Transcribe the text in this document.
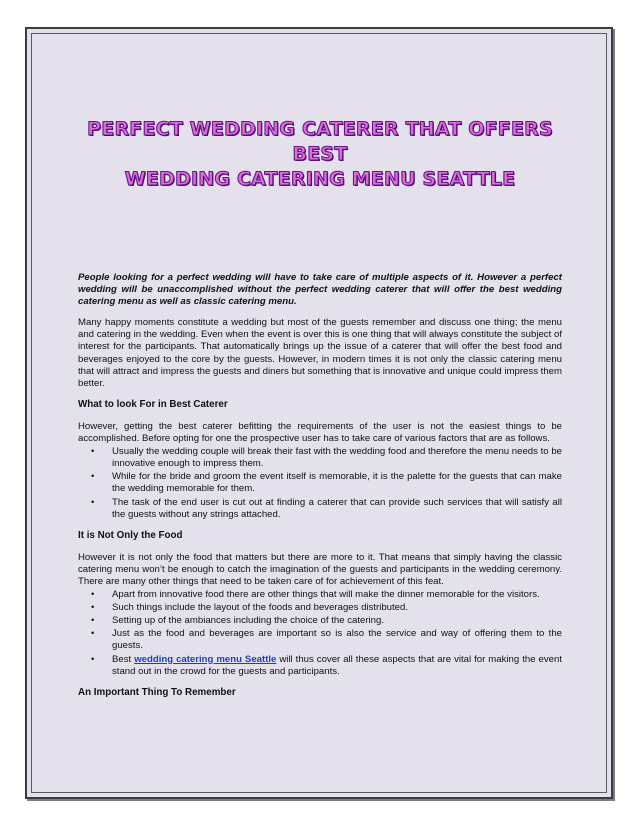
PERFECT WEDDING CATERER THAT OFFERS BEST
WEDDING CATERING MENU SEATTLE

People looking for a perfect wedding will have to take care of multiple aspects of it. However a perfect wedding will be unaccomplished without the perfect wedding caterer that will offer the best wedding catering menu as well as classic catering menu.

Many happy moments constitute a wedding but most of the guests remember and discuss one thing; the menu and catering in the wedding. Even when the event is over this is one thing that will always constitute the subject of interest for the participants. That automatically brings up the issue of a caterer that will offer the best food and beverages enjoyed to the core by the guests. However, in modern times it is not only the classic catering menu that will attract and impress the guests and diners but something that is innovative and unique could impress them better.

What to look For in Best Caterer

However, getting the best caterer befitting the requirements of the user is not the easiest things to be accomplished. Before opting for one the prospective user has to take care of various factors that are as follows.

• Usually the wedding couple will break their fast with the wedding food and therefore the menu needs to be innovative enough to impress them.
• While for the bride and groom the event itself is memorable, it is the palette for the guests that can make the wedding memorable for them.
• The task of the end user is cut out at finding a caterer that can provide such services that will satisfy all the guests without any strings attached.
It is Not Only the Food

However it is not only the food that matters but there are more to it. That means that simply having the classic catering menu won’t be enough to catch the imagination of the guests and participants in the wedding ceremony. There are many other things that need to be taken care of for achievement of this feat.

• Apart from innovative food there are other things that will make the dinner memorable for the visitors.
• Such things include the layout of the foods and beverages distributed.
• Setting up of the ambiances including the choice of the catering.
• Just as the food and beverages are important so is also the service and way of offering them to the guests.
• Best wedding catering menu Seattle will thus cover all these aspects that are vital for making the event stand out in the crowd for the guests and participants.
An Important Thing To Remember
